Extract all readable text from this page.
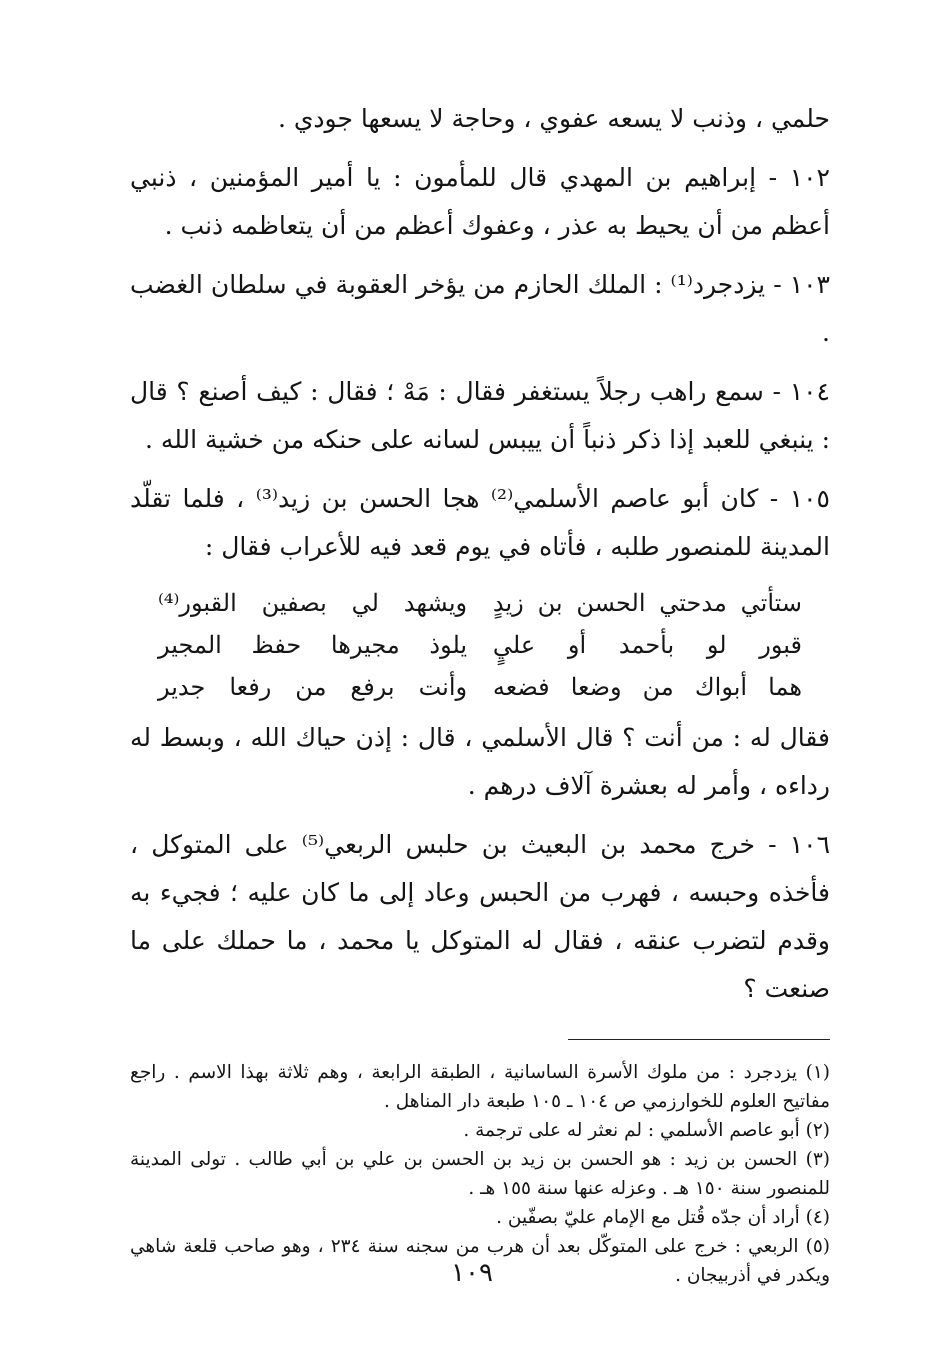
حلمي ، وذنب لا يسعه عفوي ، وحاجة لا يسعها جودي .

١٠٢ - إبراهيم بن المهدي قال للمأمون : يا أمير المؤمنين ، ذنبي أعظم من أن يحيط به عذر ، وعفوك أعظم من أن يتعاظمه ذنب .

١٠٣ - يزدجرد⁽¹⁾ : الملك الحازم من يؤخر العقوبة في سلطان الغضب .

١٠٤ - سمع راهب رجلاً يستغفر فقال : مَهْ ؛ فقال : كيف أصنع ؟ قال : ينبغي للعبد إذا ذكر ذنباً أن ييبس لسانه على حنكه من خشية الله .

١٠٥ - كان أبو عاصم الأسلمي⁽²⁾ هجا الحسن بن زيد⁽³⁾ ، فلما تقلّد المدينة للمنصور طلبه ، فأتاه في يوم قعد فيه للأعراب فقال :

ستأتي مدحتي الحسن بن زيدٍ
ويشهد لي بصفين القبور⁽⁴⁾
قبور لو بأحمد أو عليٍ
يلوذ مجيرها حفظ المجير
هما أبواك من وضعا فضعه
وأنت برفع من رفعا جدير

فقال له : من أنت ؟ قال الأسلمي ، قال : إذن حياك الله ، وبسط له رداءه ، وأمر له بعشرة آلاف درهم .

١٠٦ - خرج محمد بن البعيث بن حلبس الربعي⁽⁵⁾ على المتوكل ، فأخذه وحبسه ، فهرب من الحبس وعاد إلى ما كان عليه ؛ فجيء به وقدم لتضرب عنقه ، فقال له المتوكل يا محمد ، ما حملك على ما صنعت ؟

(١) يزدجرد : من ملوك الأسرة الساسانية ، الطبقة الرابعة ، وهم ثلاثة بهذا الاسم . راجع مفاتيح العلوم للخوارزمي ص ١٠٤ ـ ١٠٥ طبعة دار المناهل .

(٢) أبو عاصم الأسلمي : لم نعثر له على ترجمة .

(٣) الحسن بن زيد : هو الحسن بن زيد بن الحسن بن علي بن أبي طالب . تولى المدينة للمنصور سنة ١٥٠ هـ . وعزله عنها سنة ١٥٥ هـ .

(٤) أراد أن جدّه قُتل مع الإمام عليّ بصفّين .

(٥) الربعي : خرج على المتوكّل بعد أن هرب من سجنه سنة ٢٣٤ ، وهو صاحب قلعة شاهي ويكدر في أذربيجان .

١٠٩
